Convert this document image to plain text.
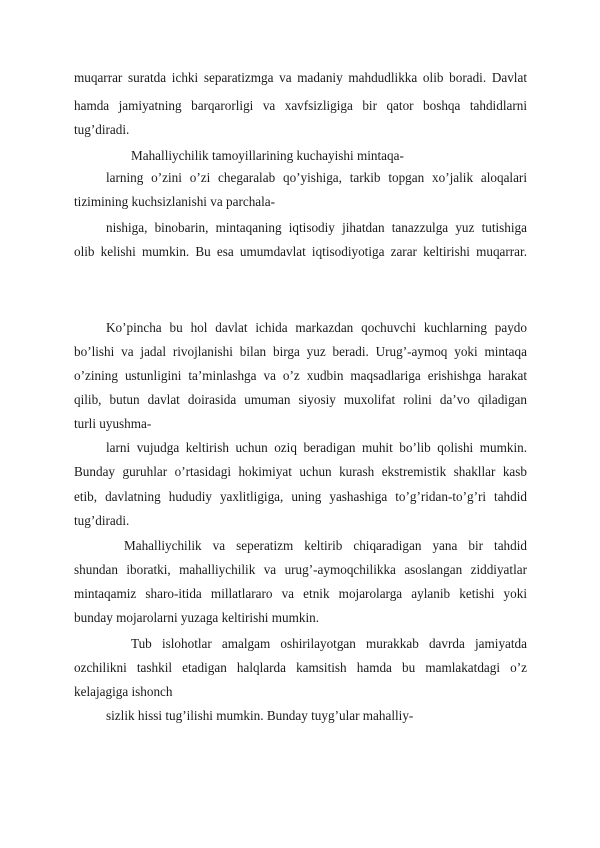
muqarrar suratda ichki separatizmga va madaniy mahdudlikka olib boradi. Davlat
hamda jamiyatning barqarorligi va xavfsizligiga bir qator boshqa tahdidlarni
tug’diradi.
Mahalliychilik tamoyillarining kuchayishi mintaqa-
larning o’zini o’zi chegaralab qo’yishiga, tarkib topgan xo’jalik aloqalari
tizimining kuchsizlanishi va parchala-
nishiga, binobarin, mintaqaning iqtisodiy jihatdan tanazzulga yuz tutishiga
olib kelishi mumkin. Bu esa umumdavlat iqtisodiyotiga zarar keltirishi muqarrar.
Ko’pincha bu hol davlat ichida markazdan qochuvchi kuchlarning paydo
bo’lishi va jadal rivojlanishi bilan birga yuz beradi. Urug’-aymoq yoki mintaqa
o’zining ustunligini ta’minlashga va o’z xudbin maqsadlariga erishishga harakat
qilib, butun davlat doirasida umuman siyosiy muxolifat rolini da’vo qiladigan
turli uyushma-
larni vujudga keltirish uchun oziq beradigan muhit bo’lib qolishi mumkin.
Bunday guruhlar o’rtasidagi hokimiyat uchun kurash ekstremistik shakllar kasb
etib, davlatning hududiy yaxlitligiga, uning yashashiga to’g’ridan-to’g’ri tahdid
tug’diradi.
Mahalliychilik va seperatizm keltirib chiqaradigan yana bir tahdid
shundan iboratki, mahalliychilik va urug’-aymoqchilikka asoslangan ziddiyatlar
mintaqamiz sharo-itida millatlararo va etnik mojarolarga aylanib ketishi yoki
bunday mojarolarni yuzaga keltirishi mumkin.
Tub islohotlar amalgam oshirilayotgan murakkab davrda jamiyatda
ozchilikni tashkil etadigan halqlarda kamsitish hamda bu mamlakatdagi o’z
kelajagiga ishonch
sizlik hissi tug’ilishi mumkin. Bunday tuyg’ular mahalliy-
